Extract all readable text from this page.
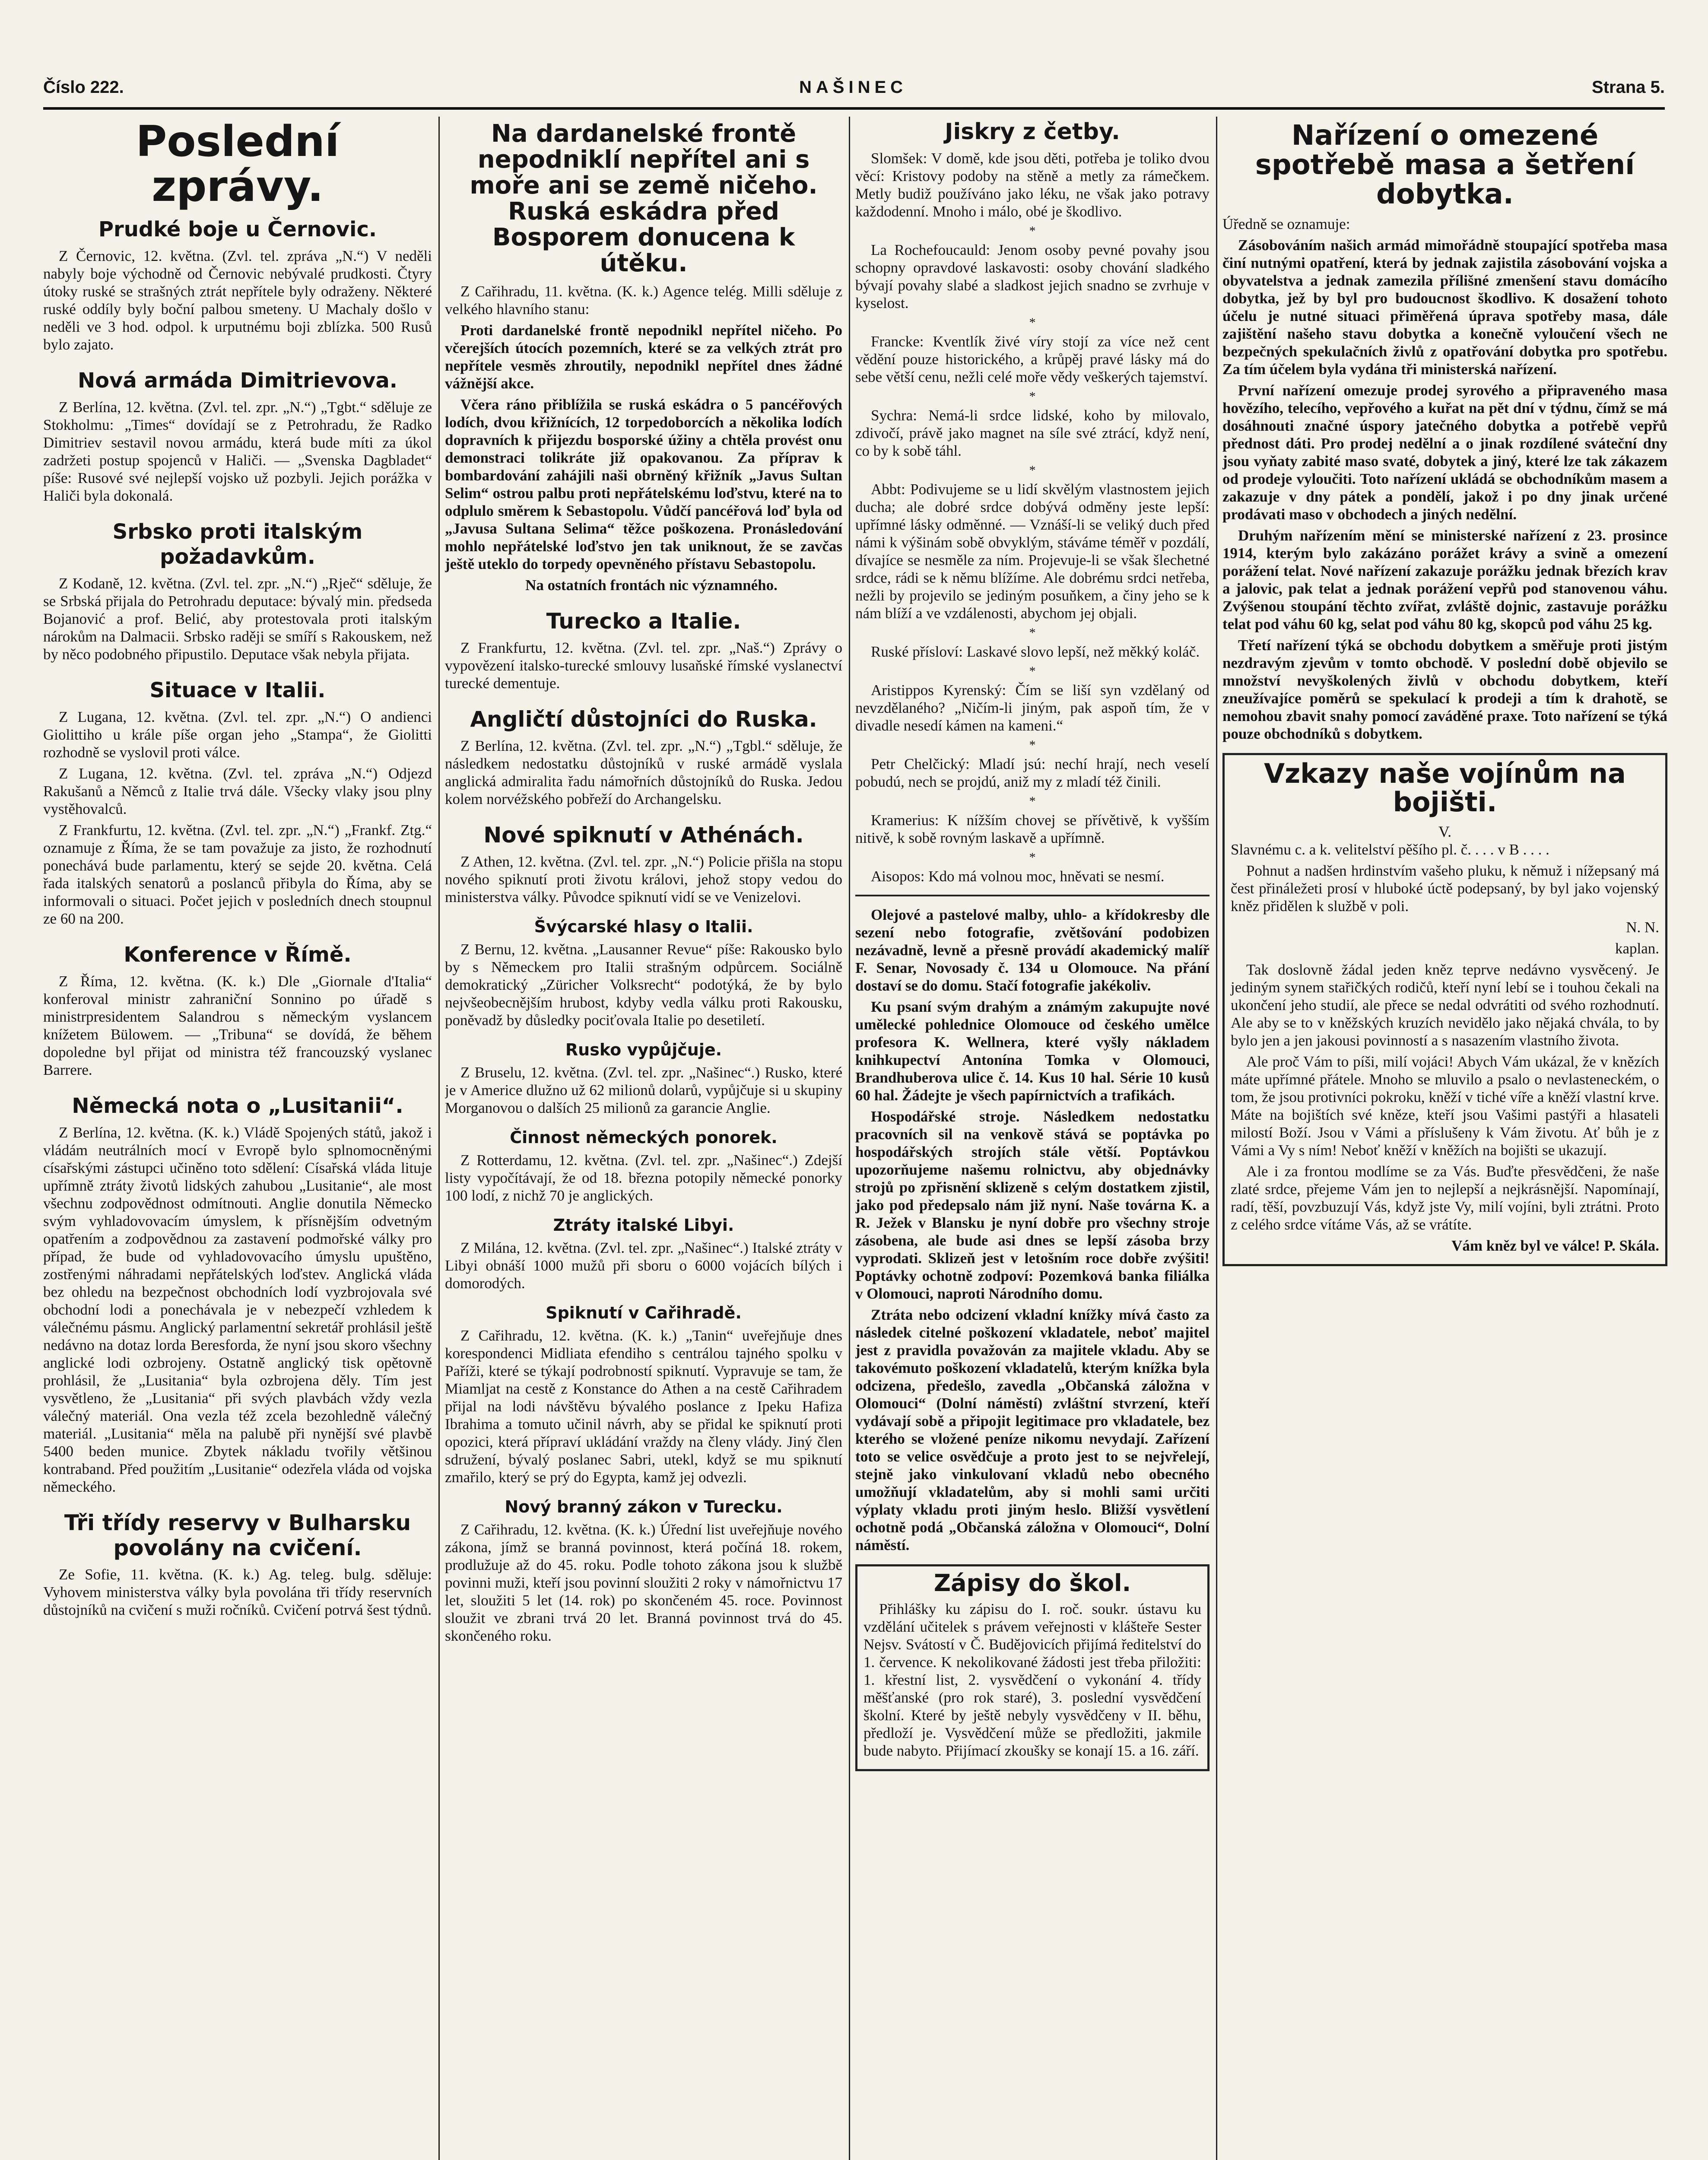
Číslo 222.	NAŠINEC	Strana 5.
Poslední zprávy.
Prudké boje u Černovic.

Z Černovic, 12. května. (Zvl. tel. zpráva „N.“) V neděli nabyly boje východně od Černovic nebývalé prudkosti. Čtyry útoky ruské se strašných ztrát nepřítele byly odraženy. Některé ruské oddíly byly boční palbou smeteny. U Machaly došlo v neděli ve 3 hod. odpol. k urputnému boji zblízka. 500 Rusů bylo zajato.

Nová armáda Dimitrievova.

Z Berlína, 12. května. (Zvl. tel. zpr. „N.“) „Tgbt.“ sděluje ze Stokholmu: „Times“ dovídají se z Petrohradu, že Radko Dimitriev sestavil novou armádu, která bude míti za úkol zadržeti postup spojenců v Haliči. — „Svenska Dagbladet“ píše: Rusové své nejlepší vojsko už pozbyli. Jejich porážka v Haliči byla dokonalá.

Srbsko proti italským požadavkům.

Z Kodaně, 12. května. (Zvl. tel. zpr. „N.“) „Rječ“ sděluje, že se Srbská přijala do Petrohradu deputace: bývalý min. předseda Bojanović a prof. Belić, aby protestovala proti italským nárokům na Dalmacii. Srbsko raději se smíří s Rakouskem, než by něco podobného připustilo. Deputace však nebyla přijata.

Situace v Italii.

Z Lugana, 12. května. (Zvl. tel. zpr. „N.“) O andienci Giolittiho u krále píše organ jeho „Stampa“, že Giolitti rozhodně se vyslovil proti válce.

Z Lugana, 12. května. (Zvl. tel. zpráva „N.“) Odjezd Rakušanů a Němců z Italie trvá dále. Všecky vlaky jsou plny vystěhovalců.

Z Frankfurtu, 12. května. (Zvl. tel. zpr. „N.“) „Frankf. Ztg.“ oznamuje z Říma, že se tam považuje za jisto, že rozhodnutí ponechává bude parlamentu, který se sejde 20. května. Celá řada italských senatorů a poslanců přibyla do Říma, aby se informovali o situaci. Počet jejich v posledních dnech stoupnul ze 60 na 200.

Konference v Římě.

Z Říma, 12. května. (K. k.) Dle „Giornale d'Italia“ konferoval ministr zahraniční Sonnino po úřadě s ministrpresidentem Salandrou s německým vyslancem knížetem Bülowem. — „Tribuna“ se dovídá, že během dopoledne byl přijat od ministra též francouzský vyslanec Barrere.

Německá nota o „Lusitanii“.

Z Berlína, 12. května. (K. k.) Vládě Spojených států, jakož i vládám neutrálních mocí v Evropě bylo splnomocněnými císařskými zástupci učiněno toto sdělení: Císařská vláda lituje upřímně ztráty životů lidských zahubou „Lusitanie“, ale most všechnu zodpovědnost odmítnouti. Anglie donutila Německo svým vyhladovovacím úmyslem, k přísnějším odvetným opatřením a zodpovědnou za zastavení podmořské války pro případ, že bude od vyhladovovacího úmyslu upuštěno, zostřenými náhradami nepřátelských loďstev. Anglická vláda bez ohledu na bezpečnost obchodních lodí vyzbrojovala své obchodní lodi a ponechávala je v nebezpečí vzhledem k válečnému pásmu. Anglický parlamentní sekretář prohlásil ještě nedávno na dotaz lorda Beresforda, že nyní jsou skoro všechny anglické lodi ozbrojeny. Ostatně anglický tisk opětovně prohlásil, že „Lusitania“ byla ozbrojena děly. Tím jest vysvětleno, že „Lusitania“ při svých plavbách vždy vezla válečný materiál. Ona vezla též zcela bezohledně válečný materiál. „Lusitania“ měla na palubě při nynější své plavbě 5400 beden munice. Zbytek nákladu tvořily většinou kontraband. Před použitím „Lusitanie“ odezřela vláda od vojska německého.

Tři třídy reservy v Bulharsku povolány na cvičení.

Ze Sofie, 11. května. (K. k.) Ag. teleg. bulg. sděluje: Vyhovem ministerstva války byla povolána tři třídy reservních důstojníků na cvičení s muži ročníků. Cvičení potrvá šest týdnů.

Na dardanelské frontě nepodniklí nepřítel ani s moře ani se země ničeho. Ruská eskádra před Bosporem donucena k útěku.

Z Cařihradu, 11. května. (K. k.) Agence telég. Milli sděluje z velkého hlavního stanu:

Proti dardanelské frontě nepodnikl nepřítel ničeho. Po včerejších útocích pozemních, které se za velkých ztrát pro nepřítele vesměs zhroutily, nepodnikl nepřítel dnes žádné vážnější akce.

Včera ráno přiblížila se ruská eskádra o 5 pancéřových lodích, dvou křižnících, 12 torpedoborcích a několika lodích dopravních k přijezdu bosporské úžiny a chtěla provést onu demonstraci tolikráte již opakovanou. Za příprav k bombardování zahájili naši obrněný křižník „Javus Sultan Selim“ ostrou palbu proti nepřátelskému loďstvu, které na to odplulo směrem k Sebastopolu. Vůdčí pancéřová loď byla od „Javusa Sultana Selima“ těžce poškozena. Pronásledování mohlo nepřátelské loďstvo jen tak uniknout, že se zavčas ještě uteklo do torpedy opevněného přístavu Sebastopolu.

Na ostatních frontách nic významného.

Turecko a Italie.

Z Frankfurtu, 12. května. (Zvl. tel. zpr. „Naš.“) Zprávy o vypovězení italsko-turecké smlouvy lusaňské římské vyslanectví turecké dementuje.

Angličtí důstojníci do Ruska.

Z Berlína, 12. května. (Zvl. tel. zpr. „N.“) „Tgbl.“ sděluje, že následkem nedostatku důstojníků v ruské armádě vyslala anglická admiralita řadu námořních důstojníků do Ruska. Jedou kolem norvéžského pobřeží do Archangelsku.

Nové spiknutí v Athénách.

Z Athen, 12. května. (Zvl. tel. zpr. „N.“) Policie přišla na stopu nového spiknutí proti životu královi, jehož stopy vedou do ministerstva války. Původce spiknutí vidí se ve Venizelovi.

Švýcarské hlasy o Italii.

Z Bernu, 12. května. „Lausanner Revue“ píše: Rakousko bylo by s Německem pro Italii strašným odpůrcem. Sociálně demokratický „Züricher Volksrecht“ podotýká, že by bylo nejvšeobecnějším hrubost, kdyby vedla válku proti Rakousku, poněvadž by důsledky pociťovala Italie po desetiletí.

Rusko vypůjčuje.

Z Bruselu, 12. května. (Zvl. tel. zpr. „Našinec“.) Rusko, které je v Americe dlužno už 62 milionů dolarů, vypůjčuje si u skupiny Morganovou o dalších 25 milionů za garancie Anglie.

Činnost německých ponorek.

Z Rotterdamu, 12. května. (Zvl. tel. zpr. „Našinec“.) Zdejší listy vypočítávají, že od 18. března potopily německé ponorky 100 lodí, z nichž 70 je anglických.

Ztráty italské Libyi.

Z Milána, 12. května. (Zvl. tel. zpr. „Našinec“.) Italské ztráty v Libyi obnáší 1000 mužů při sboru o 6000 vojácích bílých i domorodých.

Spiknutí v Cařihradě.

Z Cařihradu, 12. května. (K. k.) „Tanin“ uveřejňuje dnes korespondenci Midliata efendiho s centrálou tajného spolku v Paříži, které se týkají podrobností spiknutí. Vypravuje se tam, že Miamljat na cestě z Konstance do Athen a na cestě Cařihradem přijal na lodi návštěvu bývalého poslance z Ipeku Hafiza Ibrahima a tomuto učinil návrh, aby se přidal ke spiknutí proti opozici, která přípraví ukládání vraždy na členy vlády. Jiný člen sdružení, bývalý poslanec Sabri, utekl, když se mu spiknutí zmařilo, který se prý do Egypta, kamž jej odvezli.

Nový branný zákon v Turecku.

Z Cařihradu, 12. května. (K. k.) Úřední list uveřejňuje nového zákona, jímž se branná povinnost, která počíná 18. rokem, prodlužuje až do 45. roku. Podle tohoto zákona jsou k službě povinni muži, kteří jsou povinní sloužiti 2 roky v námořnictvu 17 let, sloužiti 5 let (14. rok) po skončeném 45. roce. Povinnost sloužit ve zbrani trvá 20 let. Branná povinnost trvá do 45. skončeného roku.

Jiskry z četby.

Slomšek: V domě, kde jsou děti, potřeba je toliko dvou věcí: Kristovy podoby na stěně a metly za rámečkem. Metly budiž používáno jako léku, ne však jako potravy každodenní. Mnoho i málo, obé je škodlivo.

*

La Rochefoucauld: Jenom osoby pevné povahy jsou schopny opravdové laskavosti: osoby chování sladkého bývají povahy slabé a sladkost jejich snadno se zvrhuje v kyselost.

*

Francke: Kventlík živé víry stojí za více než cent vědění pouze historického, a krůpěj pravé lásky má do sebe větší cenu, nežli celé moře vědy veškerých tajemství.

*

Sychra: Nemá-li srdce lidské, koho by milovalo, zdivočí, právě jako magnet na síle své ztrácí, když není, co by k sobě táhl.

*

Abbt: Podivujeme se u lidí skvělým vlastnostem jejich ducha; ale dobré srdce dobývá odměny jeste lepší: upřímné lásky odměnné. — Vznáší-li se veliký duch před námi k výšinám sobě obvyklým, stáváme téměř v pozdálí, dívajíce se nesměle za ním. Projevuje-li se však šlechetné srdce, rádi se k němu blížíme. Ale dobrému srdci netřeba, nežli by projevilo se jediným posuňkem, a činy jeho se k nám blíží a ve vzdálenosti, abychom jej objali.

*

Ruské přísloví: Laskavé slovo lepší, než měkký koláč.

*

Aristippos Kyrenský: Čím se liší syn vzdělaný od nevzdělaného? „Ničím-li jiným, pak aspoň tím, že v divadle nesedí kámen na kameni.“

*

Petr Chelčický: Mladí jsú: nechí hrají, nech veselí pobudú, nech se projdú, aniž my z mladí též činili.

*

Kramerius: K nížším chovej se přívětivě, k vyšším nitivě, k sobě rovným laskavě a upřímně.

*

Aisopos: Kdo má volnou moc, hněvati se nesmí.

Olejové a pastelové malby, uhlo- a křídokresby dle sezení nebo fotografie, zvětšování podobizen nezávadně, levně a přesně provádí akademický malíř F. Senar, Novosady č. 134 u Olomouce. Na přání dostaví se do domu. Stačí fotografie jakékoliv.

Ku psaní svým drahým a známým zakupujte nové umělecké pohlednice Olomouce od českého umělce profesora K. Wellnera, které vyšly nákladem knihkupectví Antonína Tomka v Olomouci, Brandhuberova ulice č. 14. Kus 10 hal. Série 10 kusů 60 hal. Žádejte je všech papírnictvích a trafikách.

Hospodářské stroje. Následkem nedostatku pracovních sil na venkově stává se poptávka po hospodářských strojích stále větší. Poptávkou upozorňujeme našemu rolnictvu, aby objednávky strojů po zpřisnění sklizeně s celým dostatkem zjistil, jako pod předepsalo nám již nyní. Naše továrna K. a R. Ježek v Blansku je nyní dobře pro všechny stroje zásobena, ale bude asi dnes se lepší zásoba brzy vyprodati. Sklizeň jest v letošním roce dobře zvýšiti! Poptávky ochotně zodpoví: Pozemková banka filiálka v Olomouci, naproti Národního domu.

Ztráta nebo odcizení vkladní knížky mívá často za následek citelné poškození vkladatele, neboť majitel jest z pravidla považován za majitele vkladu. Aby se takovémuto poškození vkladatelů, kterým knížka byla odcizena, předešlo, zavedla „Občanská záložna v Olomouci“ (Dolní náměstí) zvláštní stvrzení, kteří vydávají sobě a připojit legitimace pro vkladatele, bez kterého se vložené peníze nikomu nevydají. Zařízení toto se velice osvědčuje a proto jest to se nejvřelejí, stejně jako vinkulovaní vkladů nebo obecného umožňují vkladatelům, aby si mohli sami určiti výplaty vkladu proti jiným heslo. Bližší vysvětlení ochotně podá „Občanská záložna v Olomouci“, Dolní náměstí.

Zápisy do škol.

Přihlášky ku zápisu do I. roč. soukr. ústavu ku vzdělání učitelek s právem veřejnosti v klášteře Sester Nejsv. Svátostí v Č. Budějovicích přijímá ředitelství do 1. července. K nekolikované žádosti jest třeba přiložiti: 1. křestní list, 2. vysvědčení o vykonání 4. třídy měšťanské (pro rok staré), 3. poslední vysvědčení školní. Které by ještě nebyly vysvědčeny v II. běhu, předloží je. Vysvědčení může se předložiti, jakmile bude nabyto. Přijímací zkoušky se konají 15. a 16. září.

Nařízení o omezené spotřebě masa a šetření dobytka.

Úředně se oznamuje:

Zásobováním našich armád mimořádně stoupající spotřeba masa činí nutnými opatření, která by jednak zajistila zásobování vojska a obyvatelstva a jednak zamezila přílišné zmenšení stavu domácího dobytka, jež by byl pro budoucnost škodlivo. K dosažení tohoto účelu je nutné situaci přiměřená úprava spotřeby masa, dále zajištění našeho stavu dobytka a konečně vyloučení všech ne bezpečných spekulačních živlů z opatřování dobytka pro spotřebu. Za tím účelem byla vydána tři ministerská nařízení.

První nařízení omezuje prodej syrového a připraveného masa hovězího, telecího, vepřového a kuřat na pět dní v týdnu, čímž se má dosáhnouti značné úspory jatečného dobytka a potřebě vepřů přednost dáti. Pro prodej nedělní a o jinak rozdílené sváteční dny jsou vyňaty zabité maso svaté, dobytek a jiný, které lze tak zákazem od prodeje vyloučiti. Toto nařízení ukládá se obchodníkům masem a zakazuje v dny pátek a pondělí, jakož i po dny jinak určené prodávati maso v obchodech a jiných nedělní.

Druhým nařízením mění se ministerské nařízení z 23. prosince 1914, kterým bylo zakázáno porážet krávy a svině a omezení porážení telat. Nové nařízení zakazuje porážku jednak březích krav a jalovic, pak telat a jednak porážení vepřů pod stanovenou váhu. Zvýšenou stoupání těchto zvířat, zvláště dojnic, zastavuje porážku telat pod váhu 60 kg, selat pod váhu 80 kg, skopců pod váhu 25 kg.

Třetí nařízení týká se obchodu dobytkem a směřuje proti jistým nezdravým zjevům v tomto obchodě. V poslední době objevilo se množství nevyškolených živlů v obchodu dobytkem, kteří zneužívajíce poměrů se spekulací k prodeji a tím k drahotě, se nemohou zbavit snahy pomocí zaváděné praxe. Toto nařízení se týká pouze obchodníků s dobytkem.

Vzkazy naše vojínům na bojišti.
V.

Slavnému c. a k. velitelství pěšího pl. č. . . . v B . . . .

Pohnut a nadšen hrdinstvím vašeho pluku, k němuž i nížepsaný má čest přináležeti prosí v hluboké úctě podepsaný, by byl jako vojenský kněz přidělen k službě v poli.

N. N.

kaplan.

Tak doslovně žádal jeden kněz teprve nedávno vysvěcený. Je jediným synem stařičkých rodičů, kteří nyní lebí se i touhou čekali na ukončení jeho studií, ale přece se nedal odvrátiti od svého rozhodnutí. Ale aby se to v kněžských kruzích nevidělo jako nějaká chvála, to by bylo jen a jen jakousi povinností a s nasazením vlastního života.

Ale proč Vám to píši, milí vojáci! Abych Vám ukázal, že v knězích máte upřímné přátele. Mnoho se mluvilo a psalo o nevlasteneckém, o tom, že jsou protivníci pokroku, kněží v tiché víře a kněží vlastní krve. Máte na bojištích své kněze, kteří jsou Vašimi pastýři a hlasateli milostí Boží. Jsou v Vámi a příslušeny k Vám životu. Ať bůh je z Vámi a Vy s ním! Neboť kněží v kněžích na bojišti se ukazují.

Ale i za frontou modlíme se za Vás. Buďte přesvědčeni, že naše zlaté srdce, přejeme Vám jen to nejlepší a nejkrásnější. Napomínají, radí, těší, povzbuzují Vás, když jste Vy, milí vojíni, byli ztrátni. Proto z celého srdce vítáme Vás, až se vrátíte.

Vám kněz byl ve válce! P. Skála.
